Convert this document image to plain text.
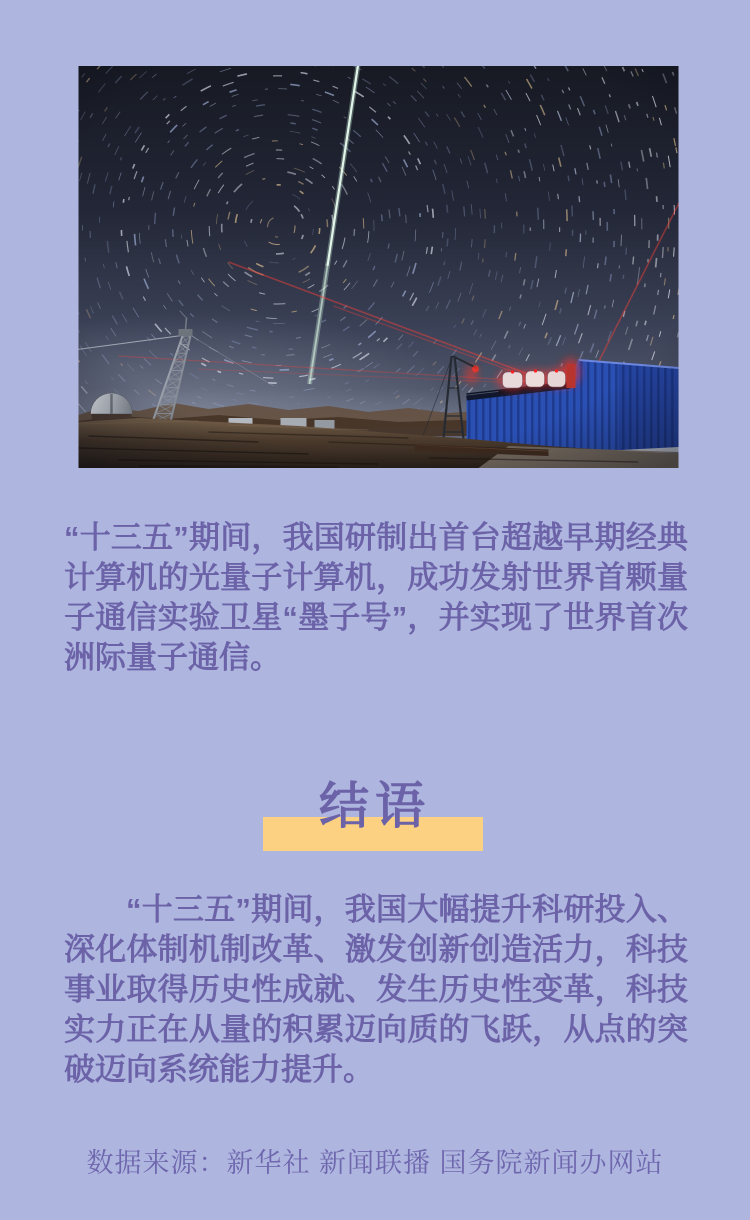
“十三五”期间，我国研制出首台超越早期经典计算机的光量子计算机，成功发射世界首颗量子通信实验卫星“墨子号”，并实现了世界首次洲际量子通信。

结语

“十三五”期间，我国大幅提升科研投入、深化体制机制改革、激发创新创造活力，科技事业取得历史性成就、发生历史性变革，科技实力正在从量的积累迈向质的飞跃，从点的突破迈向系统能力提升。

数据来源：新华社 新闻联播 国务院新闻办网站
